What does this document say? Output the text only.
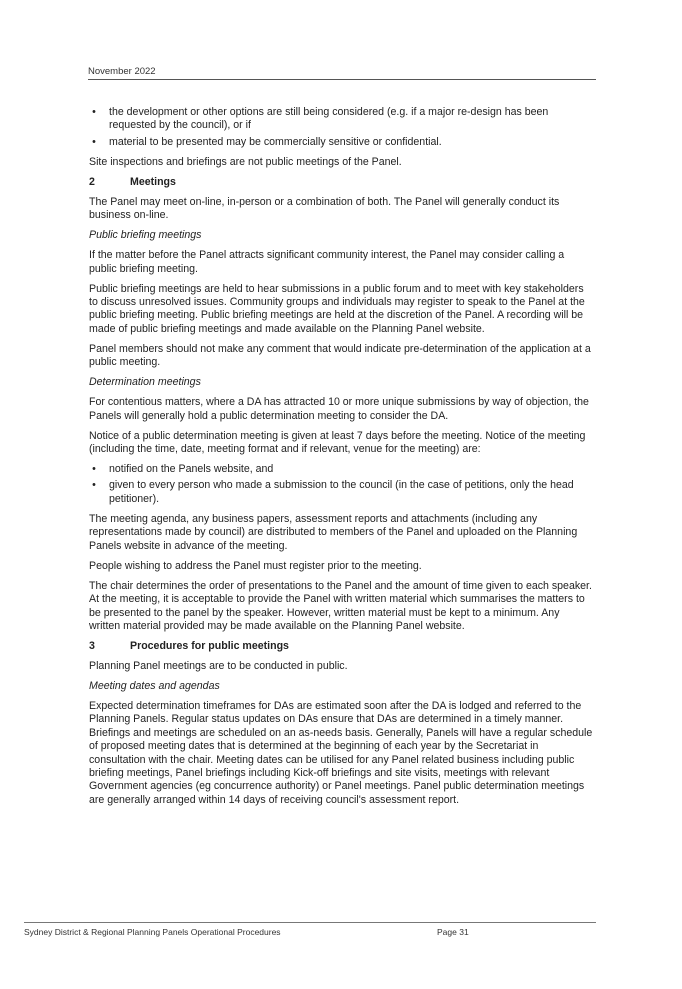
November 2022
• the development or other options are still being considered (e.g. if a major re-design has been requested by the council), or if
• material to be presented may be commercially sensitive or confidential.

Site inspections and briefings are not public meetings of the Panel.

2	Meetings

The Panel may meet on-line, in-person or a combination of both. The Panel will generally conduct its business on-line.

Public briefing meetings

If the matter before the Panel attracts significant community interest, the Panel may consider calling a public briefing meeting.

Public briefing meetings are held to hear submissions in a public forum and to meet with key stakeholders to discuss unresolved issues. Community groups and individuals may register to speak to the Panel at the public briefing meeting. Public briefing meetings are held at the discretion of the Panel. A recording will be made of public briefing meetings and made available on the Planning Panel website.

Panel members should not make any comment that would indicate pre-determination of the application at a public meeting.

Determination meetings

For contentious matters, where a DA has attracted 10 or more unique submissions by way of objection, the Panels will generally hold a public determination meeting to consider the DA.

Notice of a public determination meeting is given at least 7 days before the meeting. Notice of the meeting (including the time, date, meeting format and if relevant, venue for the meeting) are:

• notified on the Panels website, and
• given to every person who made a submission to the council (in the case of petitions, only the head petitioner).

The meeting agenda, any business papers, assessment reports and attachments (including any representations made by council) are distributed to members of the Panel and uploaded on the Planning Panels website in advance of the meeting.

People wishing to address the Panel must register prior to the meeting.

The chair determines the order of presentations to the Panel and the amount of time given to each speaker. At the meeting, it is acceptable to provide the Panel with written material which summarises the matters to be presented to the panel by the speaker. However, written material must be kept to a minimum. Any written material provided may be made available on the Planning Panel website.

3	Procedures for public meetings

Planning Panel meetings are to be conducted in public.

Meeting dates and agendas

Expected determination timeframes for DAs are estimated soon after the DA is lodged and referred to the Planning Panels. Regular status updates on DAs ensure that DAs are determined in a timely manner. Briefings and meetings are scheduled on an as-needs basis. Generally, Panels will have a regular schedule of proposed meeting dates that is determined at the beginning of each year by the Secretariat in consultation with the chair. Meeting dates can be utilised for any Panel related business including public briefing meetings, Panel briefings including Kick-off briefings and site visits, meetings with relevant Government agencies (eg concurrence authority) or Panel meetings. Panel public determination meetings are generally arranged within 14 days of receiving council's assessment report.

Sydney District & Regional Planning Panels Operational Procedures	Page 31
